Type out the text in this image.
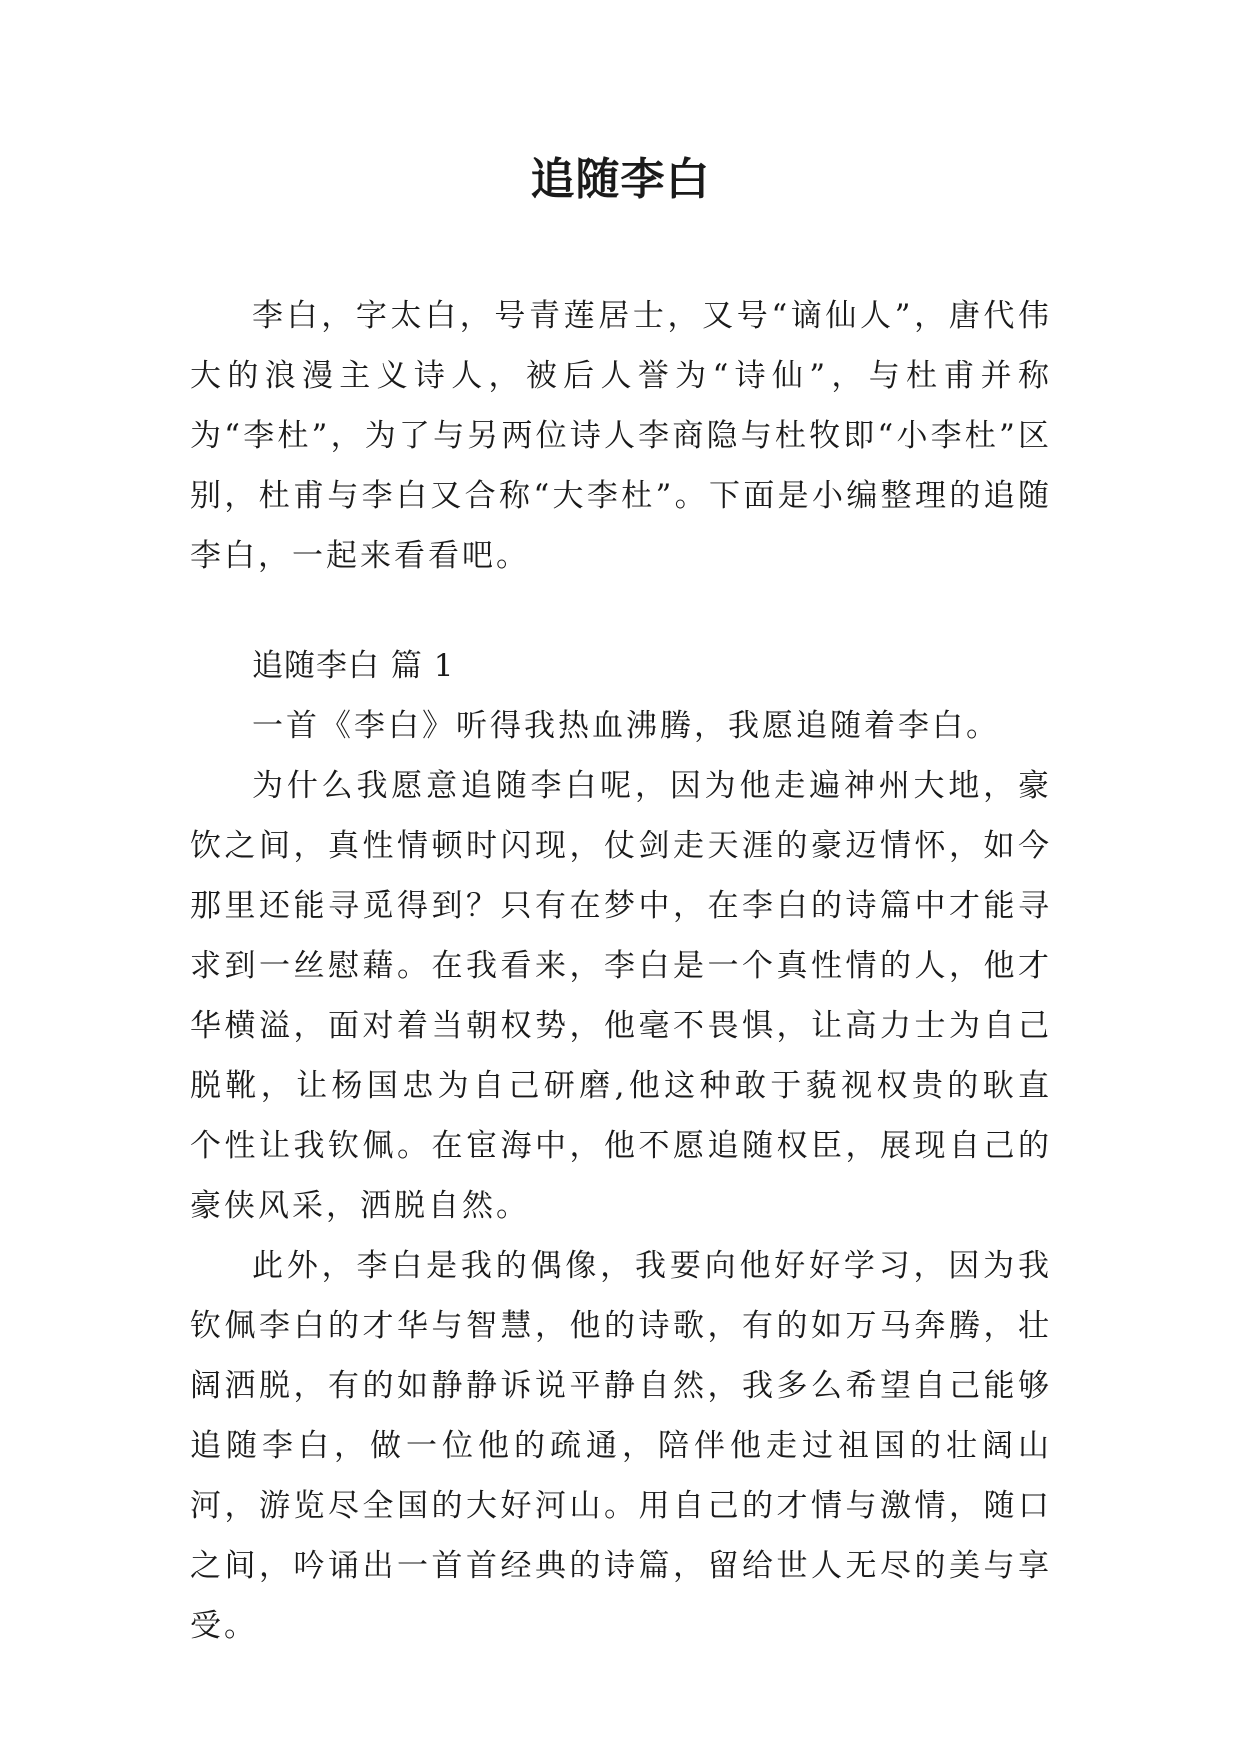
追随李白

李白，字太白，号青莲居士，又号“谪仙人”，唐代伟大的浪漫主义诗人，被后人誉为“诗仙”，与杜甫并称为“李杜”，为了与另两位诗人李商隐与杜牧即“小李杜”区别，杜甫与李白又合称“大李杜”。下面是小编整理的追随李白，一起来看看吧。

追随李白 篇 1

一首《李白》听得我热血沸腾，我愿追随着李白。

为什么我愿意追随李白呢，因为他走遍神州大地，豪饮之间，真性情顿时闪现，仗剑走天涯的豪迈情怀，如今那里还能寻觅得到？只有在梦中，在李白的诗篇中才能寻求到一丝慰藉。在我看来，李白是一个真性情的人，他才华横溢，面对着当朝权势，他毫不畏惧，让高力士为自己脱靴，让杨国忠为自己研磨,他这种敢于藐视权贵的耿直个性让我钦佩。在宦海中，他不愿追随权臣，展现自己的豪侠风采，洒脱自然。

此外，李白是我的偶像，我要向他好好学习，因为我钦佩李白的才华与智慧，他的诗歌，有的如万马奔腾，壮阔洒脱，有的如静静诉说平静自然，我多么希望自己能够追随李白，做一位他的疏通，陪伴他走过祖国的壮阔山河，游览尽全国的大好河山。用自己的才情与激情，随口之间，吟诵出一首首经典的诗篇，留给世人无尽的美与享受。
